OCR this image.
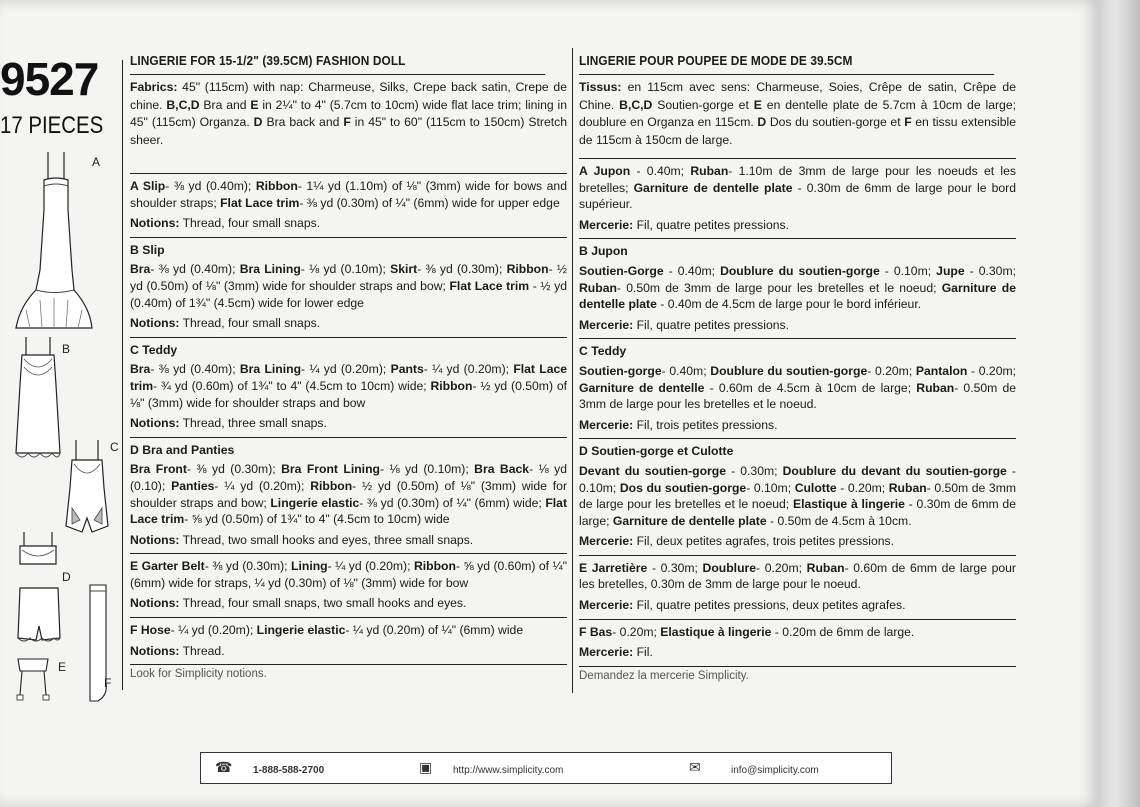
9527
17 PIECES
A
B
C
D
F
E
LINGERIE FOR 15-1/2" (39.5CM) FASHION DOLL
Fabrics: 45" (115cm) with nap: Charmeuse, Silks, Crepe back satin, Crepe de chine. B,C,D Bra and E in 2¼" to 4" (5.7cm to 10cm) wide flat lace trim; lining in 45" (115cm) Organza. D Bra back and F in 45" to 60" (115cm to 150cm) Stretch sheer.
A Slip- ⅜ yd (0.40m); Ribbon- 1¼ yd (1.10m) of ⅛" (3mm) wide for bows and shoulder straps; Flat Lace trim- ⅜ yd (0.30m) of ¼" (6mm) wide for upper edge
Notions: Thread, four small snaps.
B Slip
Bra- ⅜ yd (0.40m); Bra Lining- ⅛ yd (0.10m); Skirt- ⅜ yd (0.30m); Ribbon- ½ yd (0.50m) of ⅛" (3mm) wide for shoulder straps and bow; Flat Lace trim - ½ yd (0.40m) of 1¾" (4.5cm) wide for lower edge
Notions: Thread, four small snaps.
C Teddy
Bra- ⅜ yd (0.40m); Bra Lining- ¼ yd (0.20m); Pants- ¼ yd (0.20m); Flat Lace trim- ¾ yd (0.60m) of 1¾" to 4" (4.5cm to 10cm) wide; Ribbon- ½ yd (0.50m) of ⅛" (3mm) wide for shoulder straps and bow
Notions: Thread, three small snaps.
D Bra and Panties
Bra Front- ⅜ yd (0.30m); Bra Front Lining- ⅛ yd (0.10m); Bra Back- ⅛ yd (0.10); Panties- ¼ yd (0.20m); Ribbon- ½ yd (0.50m) of ⅛" (3mm) wide for shoulder straps and bow; Lingerie elastic- ⅜ yd (0.30m) of ¼" (6mm) wide; Flat Lace trim- ⅝ yd (0.50m) of 1¾" to 4" (4.5cm to 10cm) wide
Notions: Thread, two small hooks and eyes, three small snaps.
E Garter Belt- ⅜ yd (0.30m); Lining- ¼ yd (0.20m); Ribbon- ⅝ yd (0.60m) of ¼" (6mm) wide for straps, ¼ yd (0.30m) of ⅛" (3mm) wide for bow
Notions: Thread, four small snaps, two small hooks and eyes.
F Hose- ¼ yd (0.20m); Lingerie elastic- ¼ yd (0.20m) of ¼" (6mm) wide
Notions: Thread.
Look for Simplicity notions.
LINGERIE POUR POUPEE DE MODE DE 39.5CM
Tissus: en 115cm avec sens: Charmeuse, Soies, Crêpe de satin, Crêpe de Chine. B,C,D Soutien-gorge et E en dentelle plate de 5.7cm à 10cm de large; doublure en Organza en 115cm. D Dos du soutien-gorge et F en tissu extensible de 115cm à 150cm de large.
A Jupon - 0.40m; Ruban- 1.10m de 3mm de large pour les noeuds et les bretelles; Garniture de dentelle plate - 0.30m de 6mm de large pour le bord supérieur.
Mercerie: Fil, quatre petites pressions.
B Jupon
Soutien-Gorge - 0.40m; Doublure du soutien-gorge - 0.10m; Jupe - 0.30m; Ruban- 0.50m de 3mm de large pour les bretelles et le noeud; Garniture de dentelle plate - 0.40m de 4.5cm de large pour le bord inférieur.
Mercerie: Fil, quatre petites pressions.
C Teddy
Soutien-gorge- 0.40m; Doublure du soutien-gorge- 0.20m; Pantalon - 0.20m; Garniture de dentelle - 0.60m de 4.5cm à 10cm de large; Ruban- 0.50m de 3mm de large pour les bretelles et le noeud.
Mercerie: Fil, trois petites pressions.
D Soutien-gorge et Culotte
Devant du soutien-gorge - 0.30m; Doublure du devant du soutien-gorge - 0.10m; Dos du soutien-gorge- 0.10m; Culotte - 0.20m; Ruban- 0.50m de 3mm de large pour les bretelles et le noeud; Elastique à lingerie - 0.30m de 6mm de large; Garniture de dentelle plate - 0.50m de 4.5cm à 10cm.
Mercerie: Fil, deux petites agrafes, trois petites pressions.
E Jarretière - 0.30m; Doublure- 0.20m; Ruban- 0.60m de 6mm de large pour les bretelles, 0.30m de 3mm de large pour le noeud.
Mercerie: Fil, quatre petites pressions, deux petites agrafes.
F Bas- 0.20m; Elastique à lingerie - 0.20m de 6mm de large.
Mercerie: Fil.
Demandez la mercerie Simplicity.
☎ 1-888-588-2700	▣ http://www.simplicity.com	✉	info@simplicity.com
